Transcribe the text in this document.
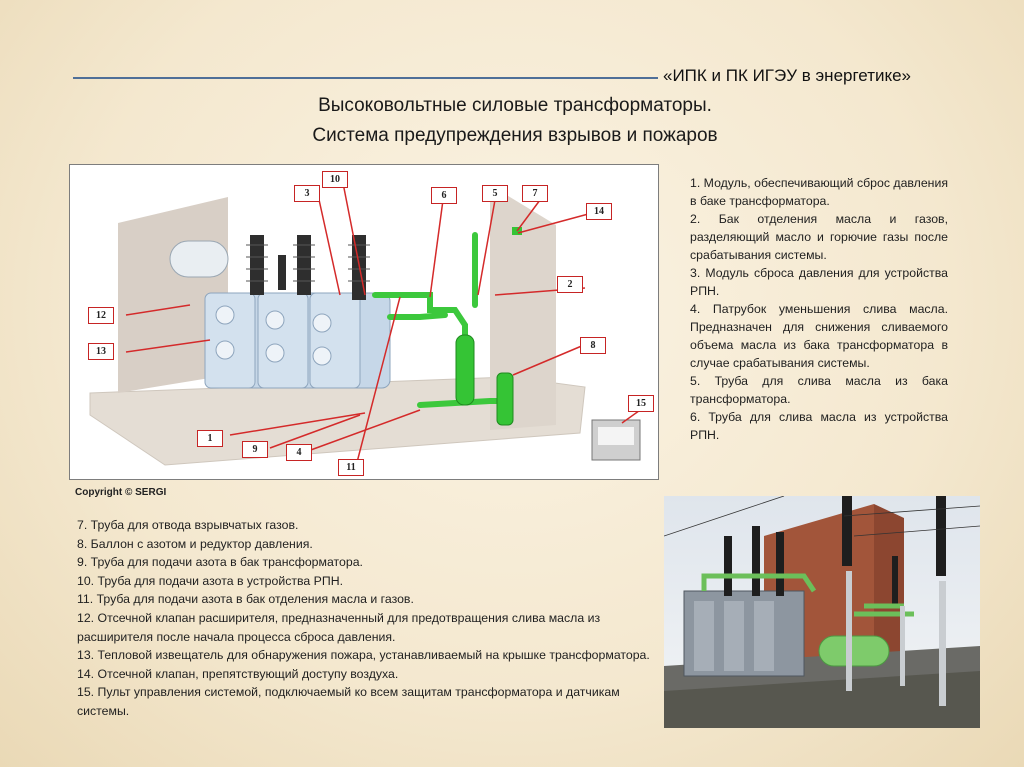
«ИПК и ПК ИГЭУ в энергетике»
Высоковольтные силовые трансформаторы.
Система предупреждения взрывов и пожаров
1
2
3
4
5
6	7
8
9
10
11
12
13
14
15
Copyright © SERGI

1. Модуль, обеспечивающий сброс давления в баке трансформатора.

2. Бак отделения масла и газов, разделяющий масло и горючие газы после срабатывания системы.

3. Модуль сброса давления для устройства РПН.

4. Патрубок уменьшения слива масла. Предназначен для снижения сливаемого объема масла из бака трансформатора в случае срабатывания системы.

5. Труба для слива масла из бака трансформатора.

6. Труба для слива масла из устройства РПН.

7. Труба для отвода взрывчатых газов.

8. Баллон с азотом и редуктор давления.

9. Труба для подачи азота в бак трансформатора.

10. Труба для подачи азота в устройства РПН.

11. Труба для подачи азота в бак отделения масла и газов.

12. Отсечной клапан расширителя, предназначенный для предотвращения слива масла из расширителя после начала процесса сброса давления.

13. Тепловой извещатель для обнаружения пожара, устанавливаемый на крышке трансформатора.

14. Отсечной клапан, препятствующий доступу воздуха.

15. Пульт управления системой, подключаемый ко всем защитам трансформатора и датчикам системы.
